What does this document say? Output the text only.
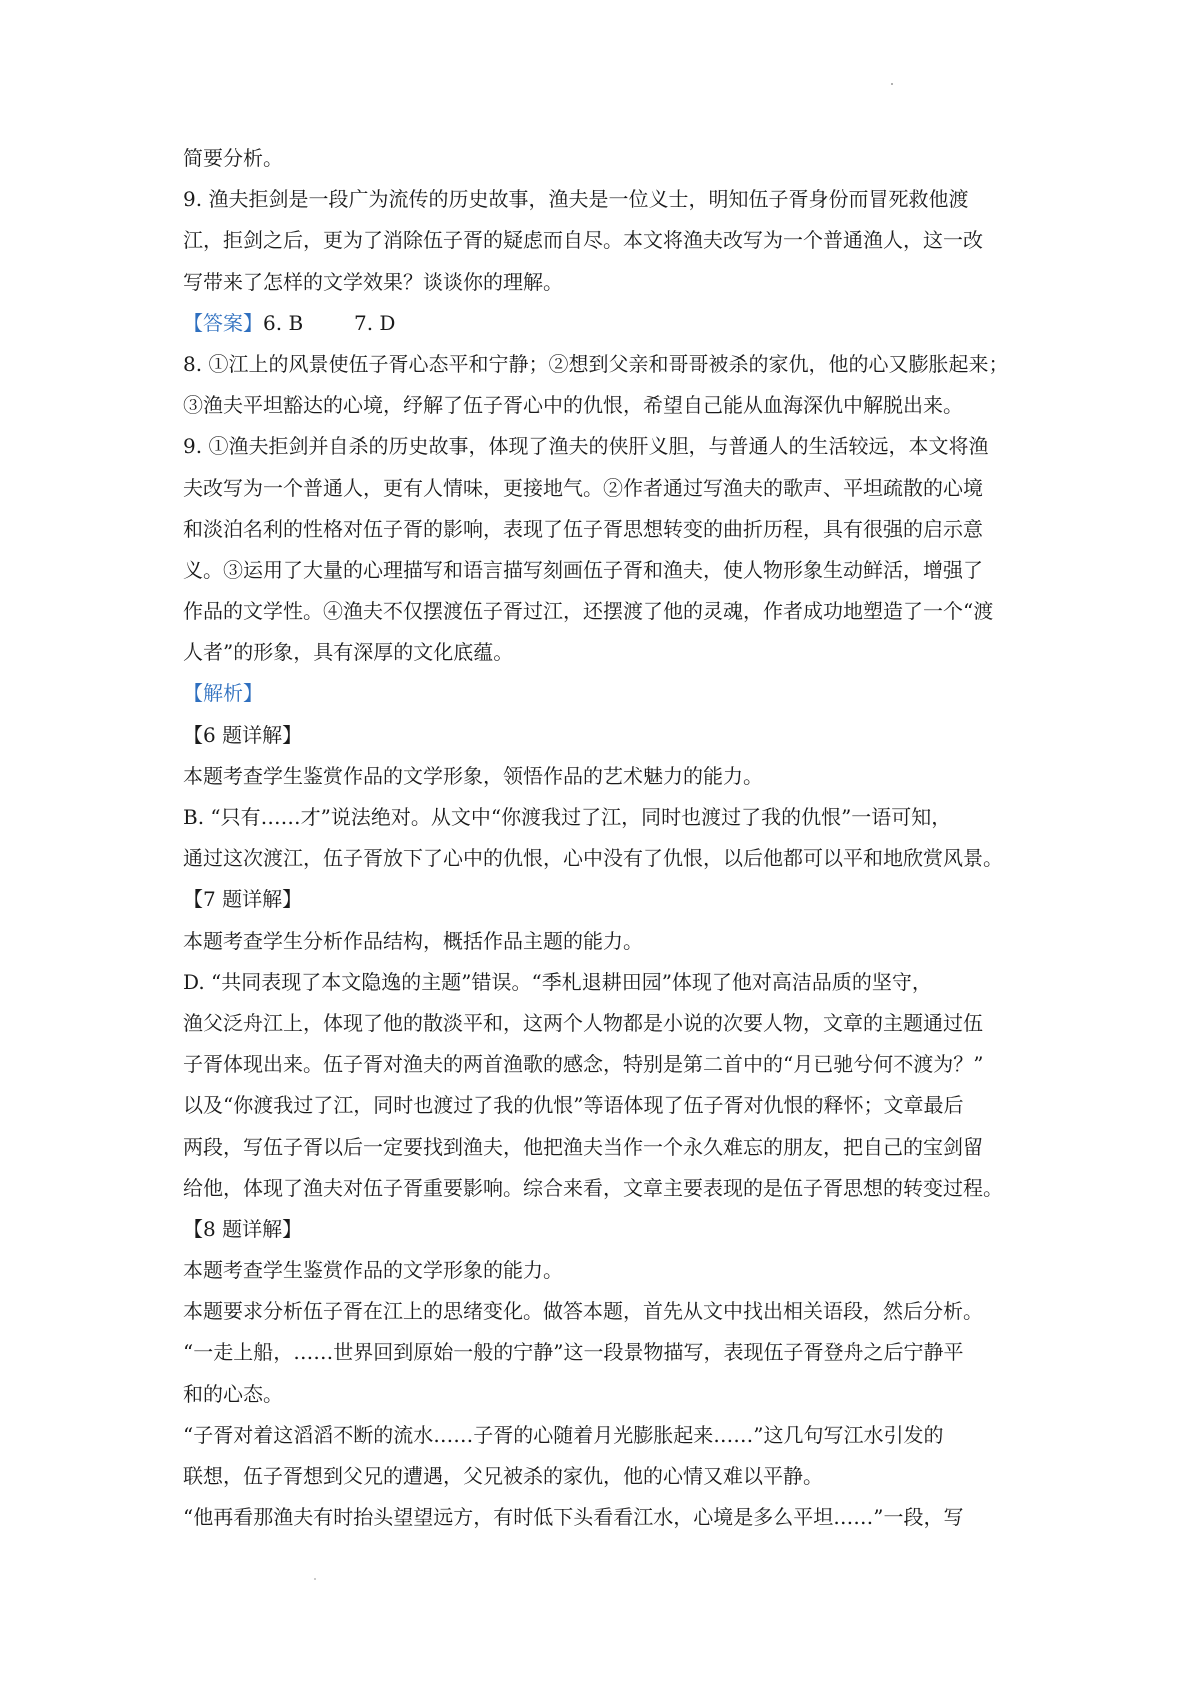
简要分析。
9. 渔夫拒剑是一段广为流传的历史故事，渔夫是一位义士，明知伍子胥身份而冒死救他渡
江，拒剑之后，更为了消除伍子胥的疑虑而自尽。本文将渔夫改写为一个普通渔人，这一改
写带来了怎样的文学效果？谈谈你的理解。
【答案】6. B        7. D
8. ①江上的风景使伍子胥心态平和宁静；②想到父亲和哥哥被杀的家仇，他的心又膨胀起来；
③渔夫平坦豁达的心境，纾解了伍子胥心中的仇恨，希望自己能从血海深仇中解脱出来。
9. ①渔夫拒剑并自杀的历史故事，体现了渔夫的侠肝义胆，与普通人的生活较远，本文将渔
夫改写为一个普通人，更有人情味，更接地气。②作者通过写渔夫的歌声、平坦疏散的心境
和淡泊名利的性格对伍子胥的影响，表现了伍子胥思想转变的曲折历程，具有很强的启示意
义。③运用了大量的心理描写和语言描写刻画伍子胥和渔夫，使人物形象生动鲜活，增强了
作品的文学性。④渔夫不仅摆渡伍子胥过江，还摆渡了他的灵魂，作者成功地塑造了一个“渡
人者”的形象，具有深厚的文化底蕴。
【解析】
【6 题详解】
本题考查学生鉴赏作品的文学形象，领悟作品的艺术魅力的能力。
B. “只有……才”说法绝对。从文中“你渡我过了江，同时也渡过了我的仇恨”一语可知，
通过这次渡江，伍子胥放下了心中的仇恨，心中没有了仇恨，以后他都可以平和地欣赏风景。
【7 题详解】
本题考查学生分析作品结构，概括作品主题的能力。
D. “共同表现了本文隐逸的主题”错误。“季札退耕田园”体现了他对高洁品质的坚守，
渔父泛舟江上，体现了他的散淡平和，这两个人物都是小说的次要人物，文章的主题通过伍
子胥体现出来。伍子胥对渔夫的两首渔歌的感念，特别是第二首中的“月已驰兮何不渡为？”
以及“你渡我过了江，同时也渡过了我的仇恨”等语体现了伍子胥对仇恨的释怀；文章最后
两段，写伍子胥以后一定要找到渔夫，他把渔夫当作一个永久难忘的朋友，把自己的宝剑留
给他，体现了渔夫对伍子胥重要影响。综合来看，文章主要表现的是伍子胥思想的转变过程。
【8 题详解】
本题考查学生鉴赏作品的文学形象的能力。
本题要求分析伍子胥在江上的思绪变化。做答本题，首先从文中找出相关语段，然后分析。
“一走上船，……世界回到原始一般的宁静”这一段景物描写，表现伍子胥登舟之后宁静平
和的心态。
“子胥对着这滔滔不断的流水……子胥的心随着月光膨胀起来……”这几句写江水引发的
联想，伍子胥想到父兄的遭遇，父兄被杀的家仇，他的心情又难以平静。
“他再看那渔夫有时抬头望望远方，有时低下头看看江水，心境是多么平坦……”一段，写
